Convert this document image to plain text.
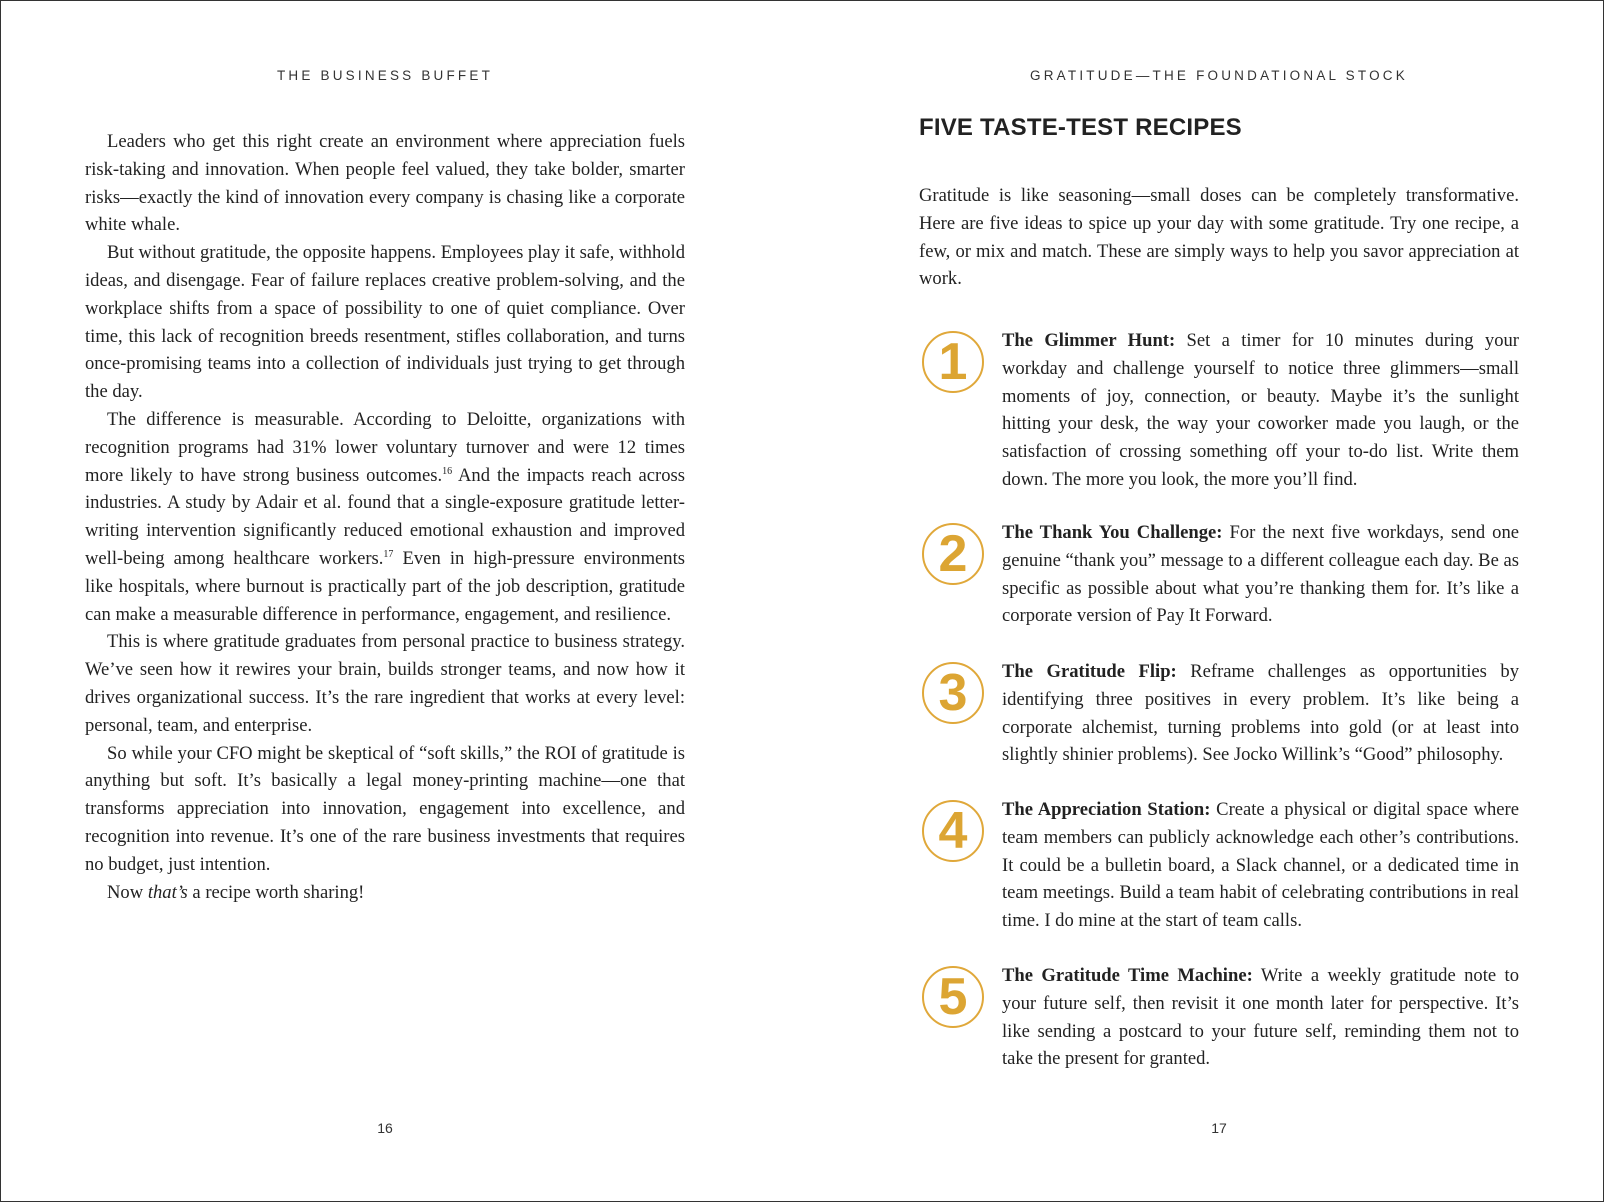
THE BUSINESS BUFFET

Leaders who get this right create an environment where appreciation fuels risk-taking and innovation. When people feel valued, they take bolder, smarter risks—exactly the kind of innovation every company is chasing like a corporate white whale.

But without gratitude, the opposite happens. Employees play it safe, withhold ideas, and disengage. Fear of failure replaces creative problem-solving, and the workplace shifts from a space of possibility to one of quiet compliance. Over time, this lack of recognition breeds resentment, stifles collaboration, and turns once-promising teams into a collection of individuals just trying to get through the day.

The difference is measurable. According to Deloitte, organizations with recognition programs had 31% lower voluntary turnover and were 12 times more likely to have strong business outcomes.$^{16}$ And the impacts reach across industries. A study by Adair et al. found that a single-exposure gratitude letter-writing intervention significantly reduced emotional exhaustion and improved well-being among healthcare workers.$^{17}$ Even in high-pressure environments like hospitals, where burnout is practically part of the job description, gratitude can make a measurable difference in performance, engagement, and resilience.

This is where gratitude graduates from personal practice to business strategy. We’ve seen how it rewires your brain, builds stronger teams, and now how it drives organizational success. It’s the rare ingredient that works at every level: personal, team, and enterprise.

So while your CFO might be skeptical of “soft skills,” the ROI of gratitude is anything but soft. It’s basically a legal money-printing machine—one that transforms appreciation into innovation, engagement into excellence, and recognition into revenue. It’s one of the rare business investments that requires no budget, just intention.

Now that’s a recipe worth sharing!

16
GRATITUDE—THE FOUNDATIONAL STOCK
FIVE TASTE-TEST RECIPES

Gratitude is like seasoning—small doses can be completely transformative. Here are five ideas to spice up your day with some gratitude. Try one recipe, a few, or mix and match. These are simply ways to help you savor appreciation at work.

1	The Glimmer Hunt: Set a timer for 10 minutes during your workday and challenge yourself to notice three glimmers—small moments of joy, connection, or beauty. Maybe it’s the sunlight hitting your desk, the way your coworker made you laugh, or the satisfaction of crossing something off your to-do list. Write them down. The more you look, the more you’ll find.

2	The Thank You Challenge: For the next five workdays, send one genuine “thank you” message to a different colleague each day. Be as specific as possible about what you’re thanking them for. It’s like a corporate version of Pay It Forward.

3	The Gratitude Flip: Reframe challenges as opportunities by identifying three positives in every problem. It’s like being a corporate alchemist, turning problems into gold (or at least into slightly shinier problems). See Jocko Willink’s “Good” philosophy.

4	The Appreciation Station: Create a physical or digital space where team members can publicly acknowledge each other’s contributions. It could be a bulletin board, a Slack channel, or a dedicated time in team meetings. Build a team habit of celebrating contributions in real time. I do mine at the start of team calls.

5	The Gratitude Time Machine: Write a weekly gratitude note to your future self, then revisit it one month later for perspective. It’s like sending a postcard to your future self, reminding them not to take the present for granted.

17
